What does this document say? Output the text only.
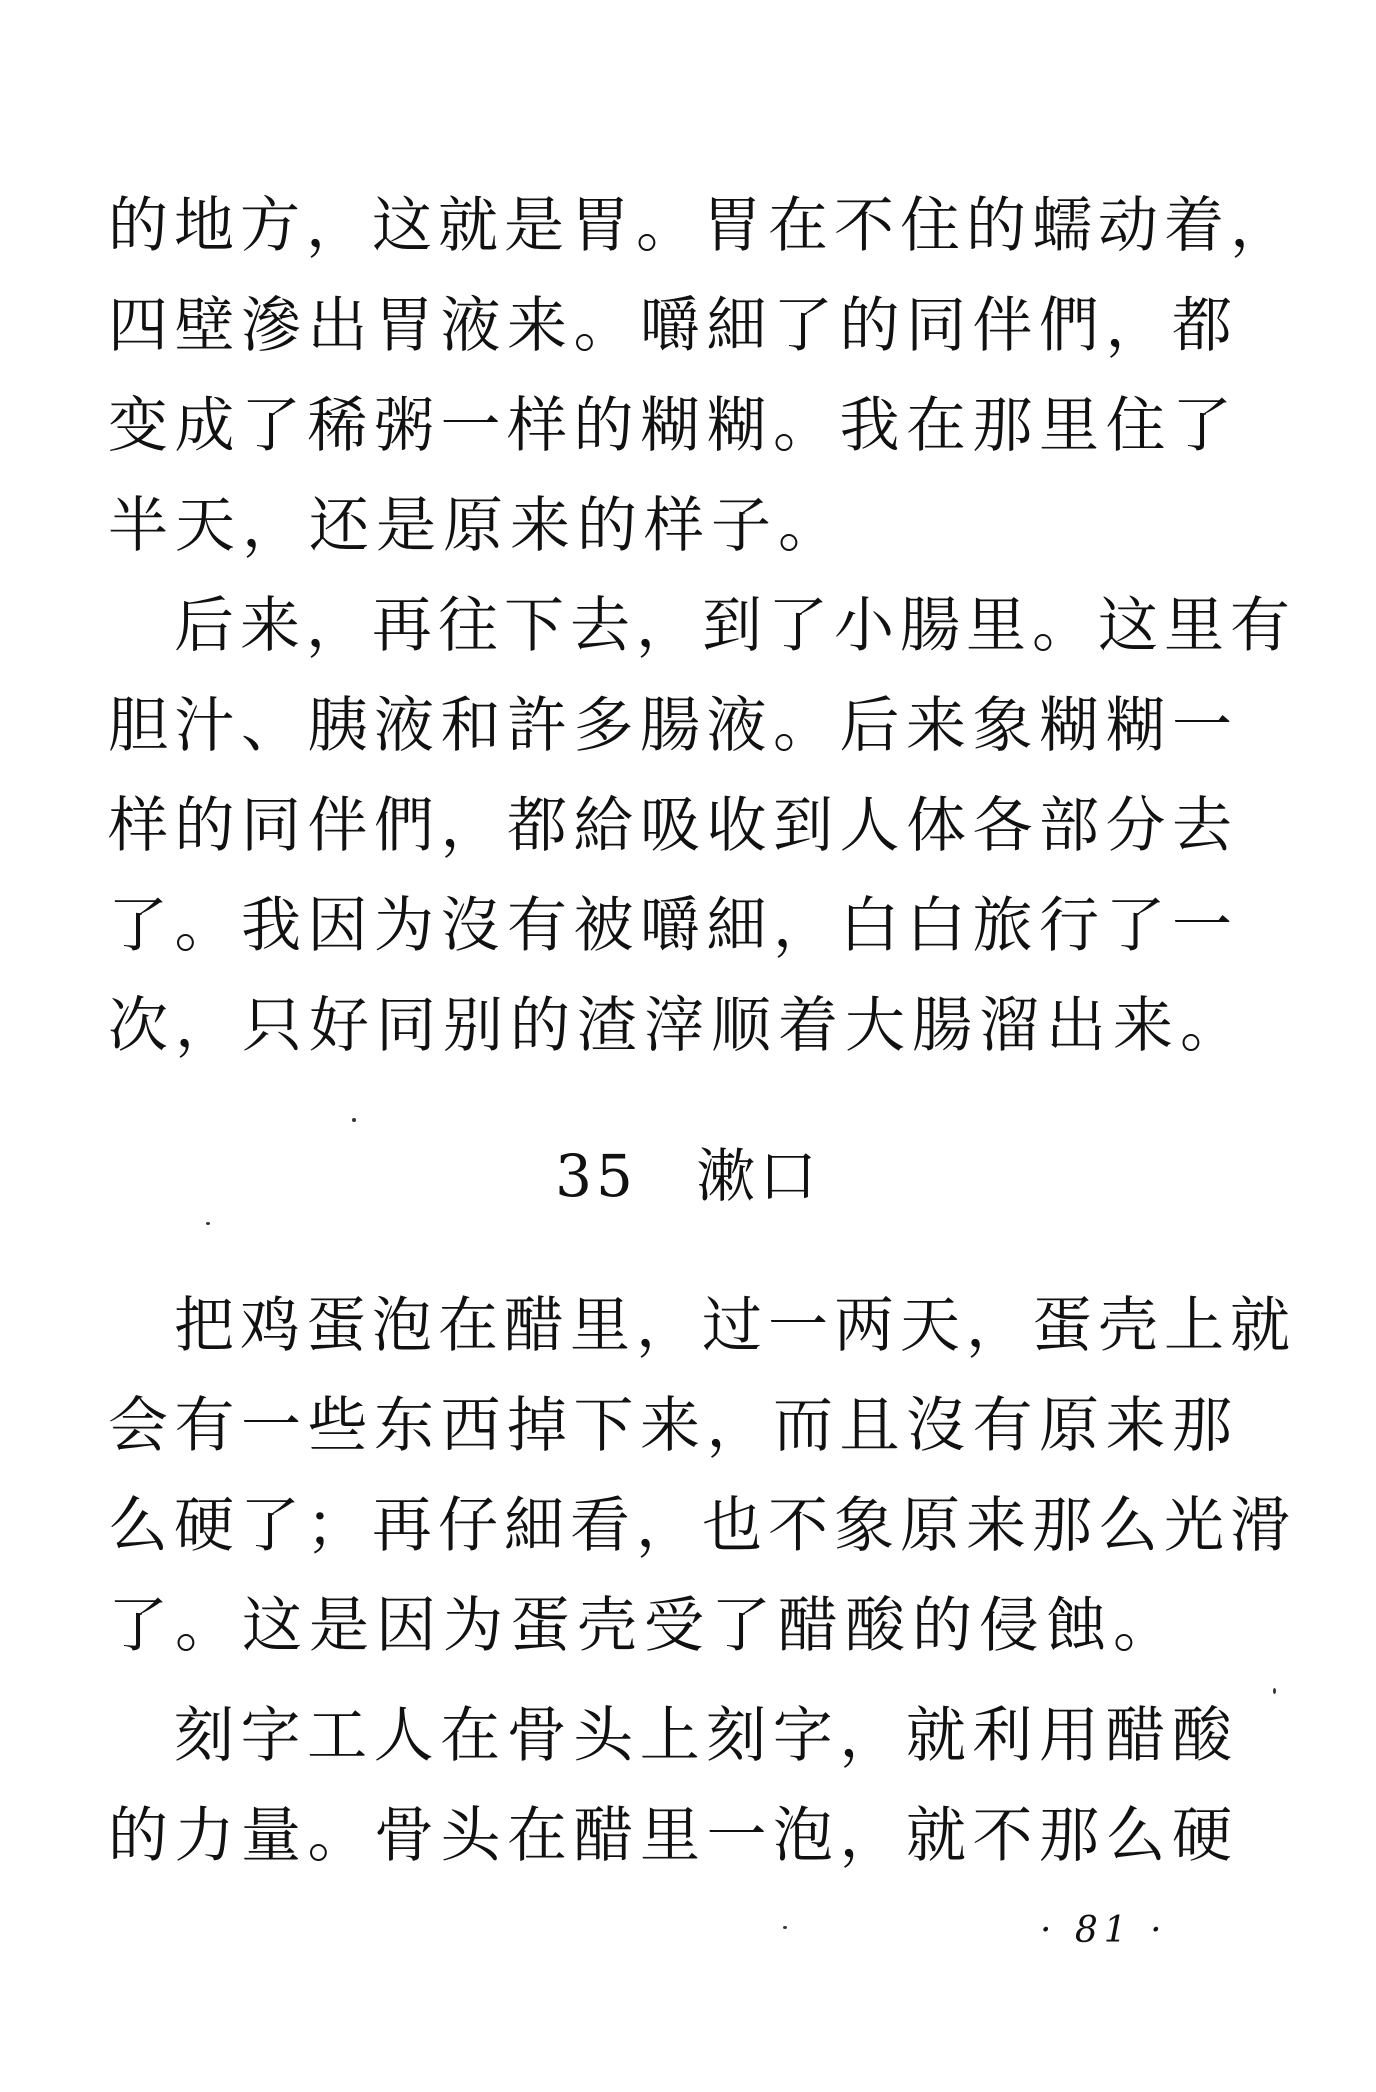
的地方，这就是胃。胃在不住的蠕动着，
四壁滲出胃液来。嚼細了的同伴們，都
变成了稀粥一样的糊糊。我在那里住了
半天，还是原来的样子。
后来，再往下去，到了小腸里。这里有
胆汁、胰液和許多腸液。后来象糊糊一
样的同伴們，都給吸收到人体各部分去
了。我因为沒有被嚼細，白白旅行了一
次，只好同别的渣滓顺着大腸溜出来。
35 漱口
把鸡蛋泡在醋里，过一两天，蛋壳上就
会有一些东西掉下来，而且沒有原来那
么硬了；再仔細看，也不象原来那么光滑
了。这是因为蛋壳受了醋酸的侵蝕。
刻字工人在骨头上刻字，就利用醋酸
的力量。骨头在醋里一泡，就不那么硬
· 81 ·
